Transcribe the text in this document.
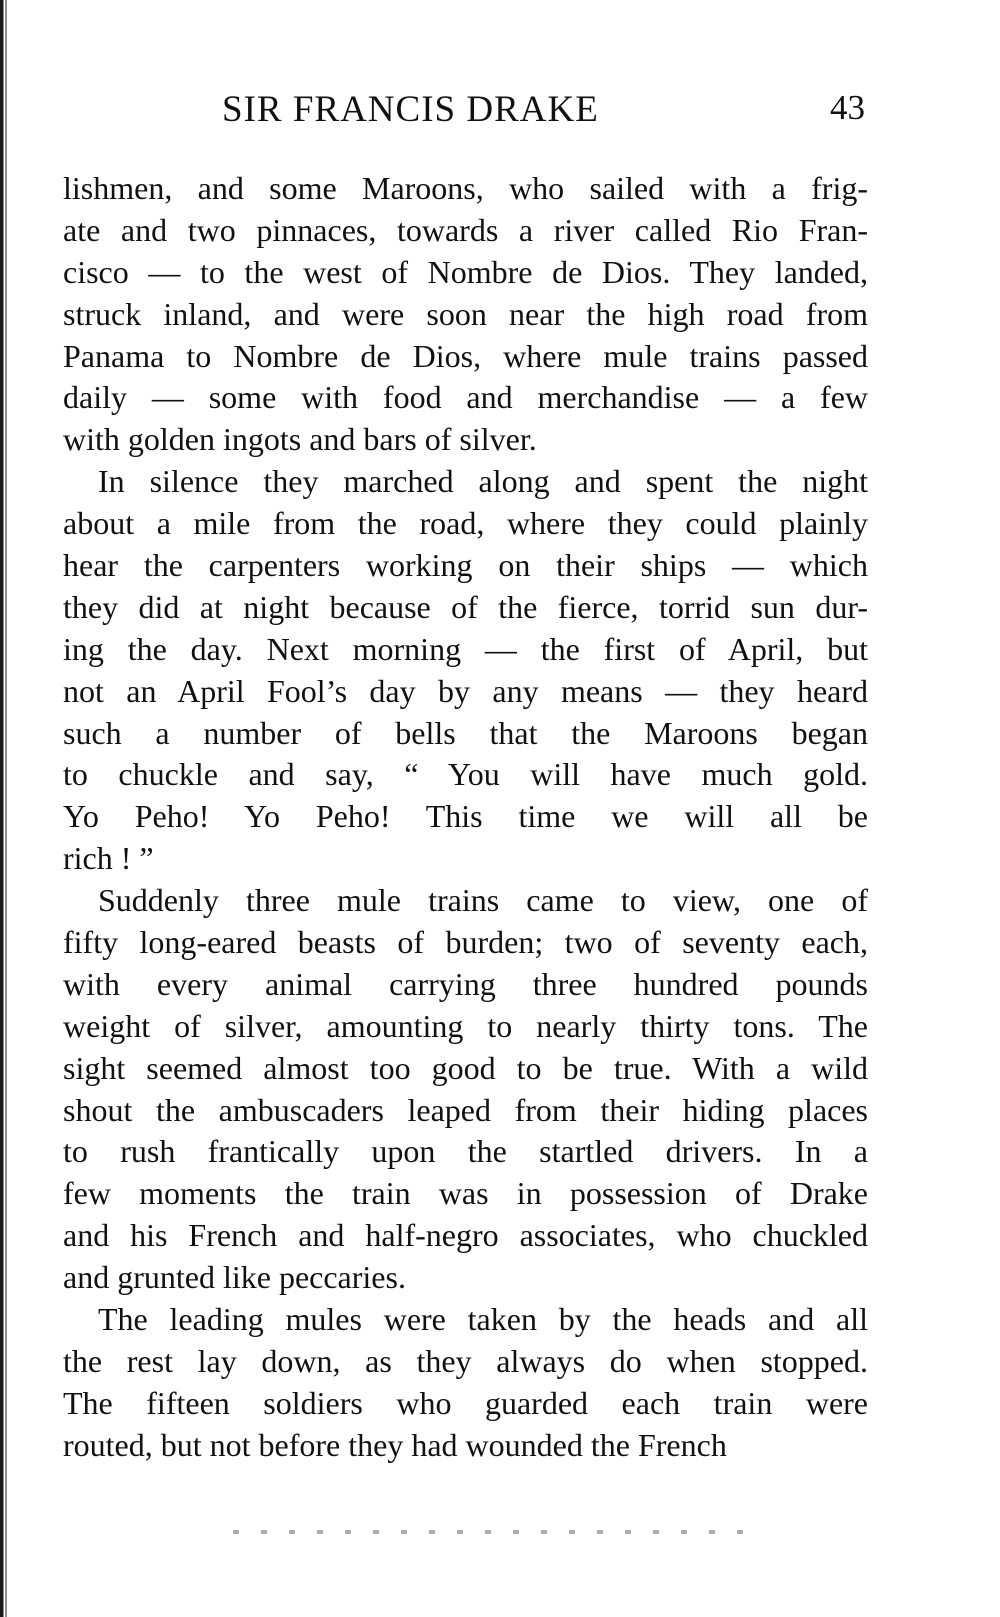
SIR FRANCIS DRAKE	43
lishmen, and some Maroons, who sailed with a frig-
ate and two pinnaces, towards a river called Rio Fran-
cisco — to the west of Nombre de Dios. They landed,
struck inland, and were soon near the high road from
Panama to Nombre de Dios, where mule trains passed
daily — some with food and merchandise — a few
with golden ingots and bars of silver.
In silence they marched along and spent the night
about a mile from the road, where they could plainly
hear the carpenters working on their ships — which
they did at night because of the fierce, torrid sun dur-
ing the day. Next morning — the first of April, but
not an April Fool’s day by any means — they heard
such a number of bells that the Maroons began
to chuckle and say, “ You will have much gold.
Yo Peho! Yo Peho! This time we will all be
rich ! ”
Suddenly three mule trains came to view, one of
fifty long-eared beasts of burden; two of seventy each,
with every animal carrying three hundred pounds
weight of silver, amounting to nearly thirty tons. The
sight seemed almost too good to be true. With a wild
shout the ambuscaders leaped from their hiding places
to rush frantically upon the startled drivers. In a
few moments the train was in possession of Drake
and his French and half-negro associates, who chuckled
and grunted like peccaries.
The leading mules were taken by the heads and all
the rest lay down, as they always do when stopped.
The fifteen soldiers who guarded each train were
routed, but not before they had wounded the French
